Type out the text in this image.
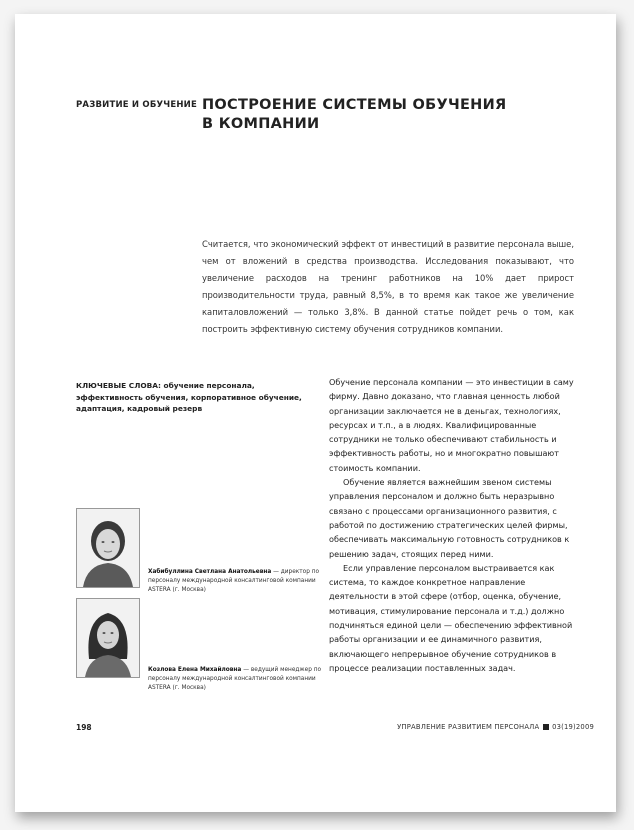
РАЗВИТИЕ И ОБУЧЕНИЕ ПОСТРОЕНИЕ СИСТЕМЫ ОБУЧЕНИЯ
В КОМПАНИИ
Считается, что экономический эффект от инвестиций в развитие персонала выше, чем от вложений в средства производства. Исследования показывают, что увеличение расходов на тренинг работников на 10% дает прирост производительности труда, равный 8,5%, в то время как такое же увеличение капиталовложений — только 3,8%. В данной статье пойдет речь о том, как построить эффективную систему обучения сотрудников компании.
КЛЮЧЕВЫЕ СЛОВА: обучение персонала, эффективность обучения, корпоративное обучение, адаптация, кадровый резерв

Обучение персонала компании — это инвестиции в саму фирму. Давно доказано, что главная ценность любой организации заключается не в деньгах, технологиях, ресурсах и т.п., а в людях. Квалифицированные сотрудники не только обеспечивают стабильность и эффективность работы, но и многократно повышают стоимость компании.

Обучение является важнейшим звеном системы управления персоналом и должно быть неразрывно связано с процессами организационного развития, с работой по достижению стратегических целей фирмы, обеспечивать максимальную готовность сотрудников к решению задач, стоящих перед ними.

Если управление персоналом выстраивается как система, то каждое конкретное направление деятельности в этой сфере (отбор, оценка, обучение, мотивация, стимулирование персонала и т.д.) должно подчиняться единой цели — обеспечению эффективной работы организации и ее динамичного развития, включающего непрерывное обучение сотрудников в процессе реализации поставленных задач.

Хабибуллина Светлана Анатольевна — директор по персоналу международной консалтинговой компании ASTERA (г. Москва)
Козлова Елена Михайловна — ведущий менеджер по персоналу международной консалтинговой компании ASTERA (г. Москва)
198	УПРАВЛЕНИЕ РАЗВИТИЕМ ПЕРСОНАЛА 03(19)2009
